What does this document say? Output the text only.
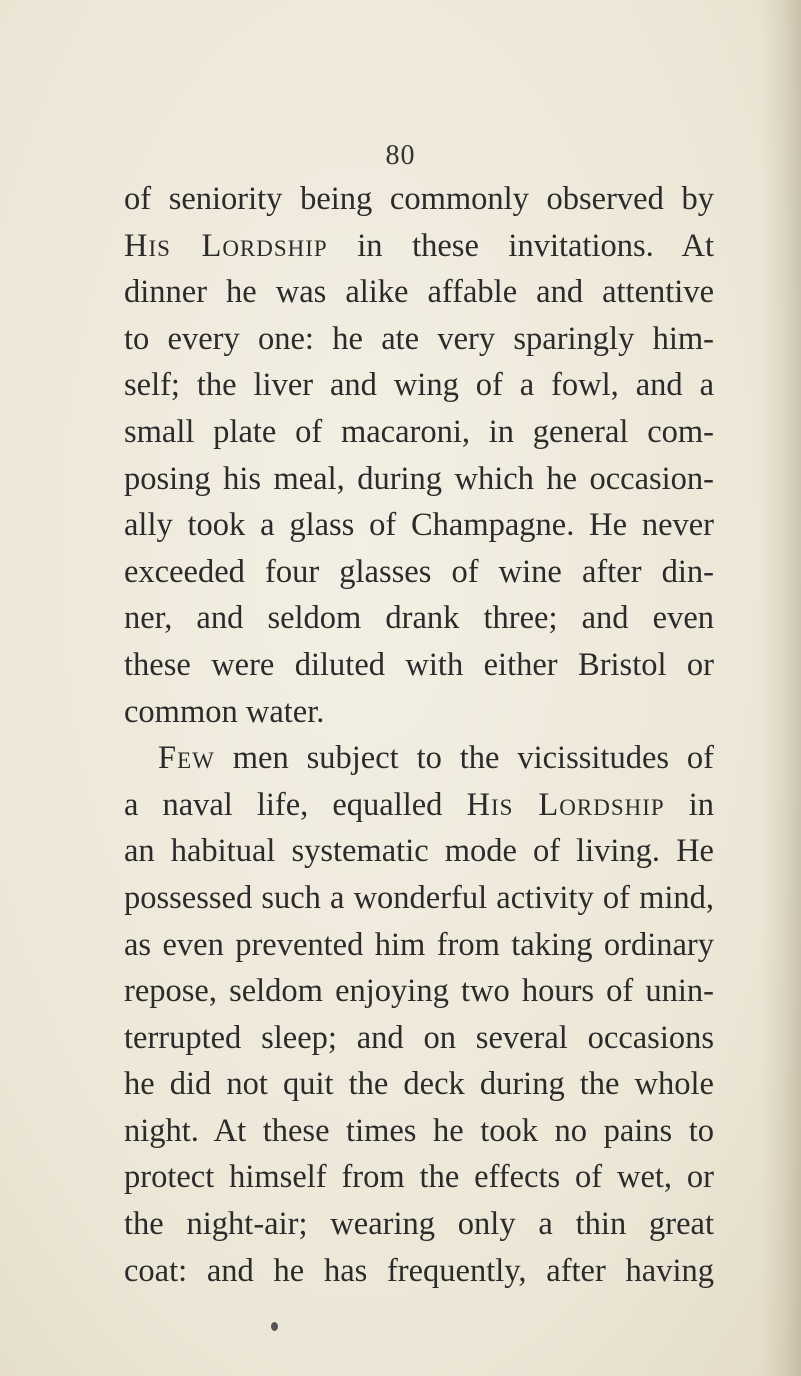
80
of seniority being commonly observed by
His Lordship in these invitations. At
dinner he was alike affable and attentive
to every one: he ate very sparingly him-
self; the liver and wing of a fowl, and a
small plate of macaroni, in general com-
posing his meal, during which he occasion-
ally took a glass of Champagne. He never
exceeded four glasses of wine after din-
ner, and seldom drank three; and even
these were diluted with either Bristol or
common water.
Few men subject to the vicissitudes of
a naval life, equalled His Lordship in
an habitual systematic mode of living. He
possessed such a wonderful activity of mind,
as even prevented him from taking ordinary
repose, seldom enjoying two hours of unin-
terrupted sleep; and on several occasions
he did not quit the deck during the whole
night. At these times he took no pains to
protect himself from the effects of wet, or
the night-air; wearing only a thin great
coat: and he has frequently, after having
